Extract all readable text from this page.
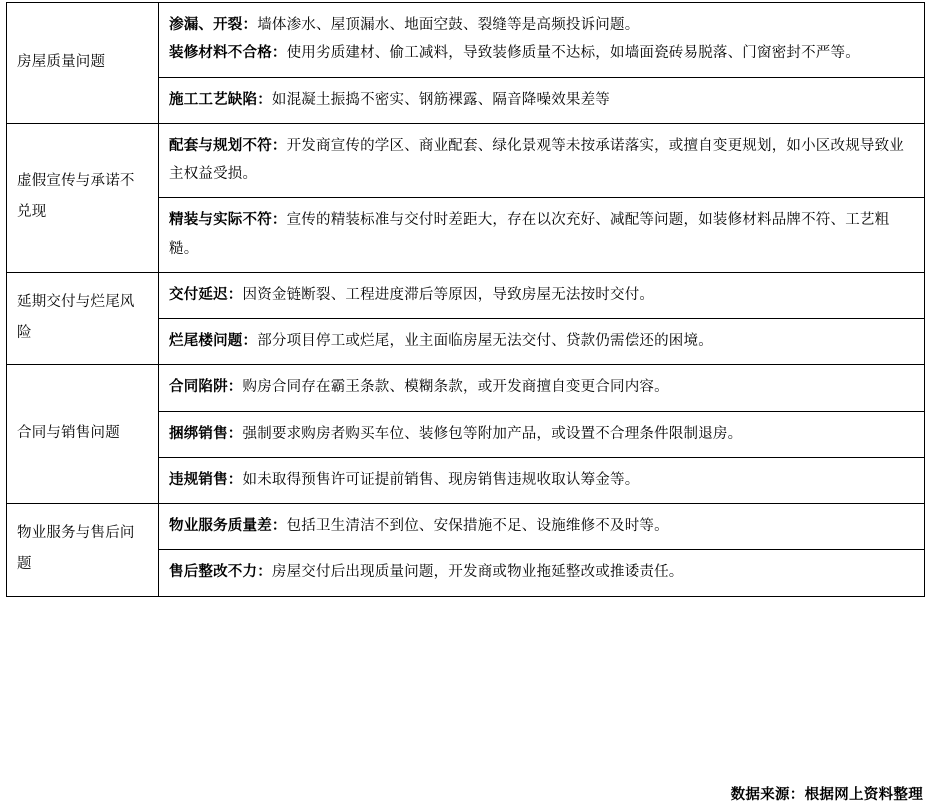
房屋质量问题	渗漏、开裂：墙体渗水、屋顶漏水、地面空鼓、裂缝等是高频投诉问题。
装修材料不合格：使用劣质建材、偷工减料，导致装修质量不达标，如墙面瓷砖易脱落、门窗密封不严等。
	施工工艺缺陷：如混凝土振捣不密实、钢筋裸露、隔音降噪效果差等

虚假宣传与承诺不兑现	配套与规划不符：开发商宣传的学区、商业配套、绿化景观等未按承诺落实，或擅自变更规划，如小区改规导致业主权益受损。
	精装与实际不符：宣传的精装标准与交付时差距大，存在以次充好、减配等问题，如装修材料品牌不符、工艺粗糙。

延期交付与烂尾风险	交付延迟：因资金链断裂、工程进度滞后等原因，导致房屋无法按时交付。
	烂尾楼问题：部分项目停工或烂尾，业主面临房屋无法交付、贷款仍需偿还的困境。

合同与销售问题	合同陷阱：购房合同存在霸王条款、模糊条款，或开发商擅自变更合同内容。
	捆绑销售：强制要求购房者购买车位、装修包等附加产品，或设置不合理条件限制退房。
	违规销售：如未取得预售许可证提前销售、现房销售违规收取认筹金等。

物业服务与售后问题	物业服务质量差：包括卫生清洁不到位、安保措施不足、设施维修不及时等。
	售后整改不力：房屋交付后出现质量问题，开发商或物业拖延整改或推诿责任。
数据来源：根据网上资料整理
